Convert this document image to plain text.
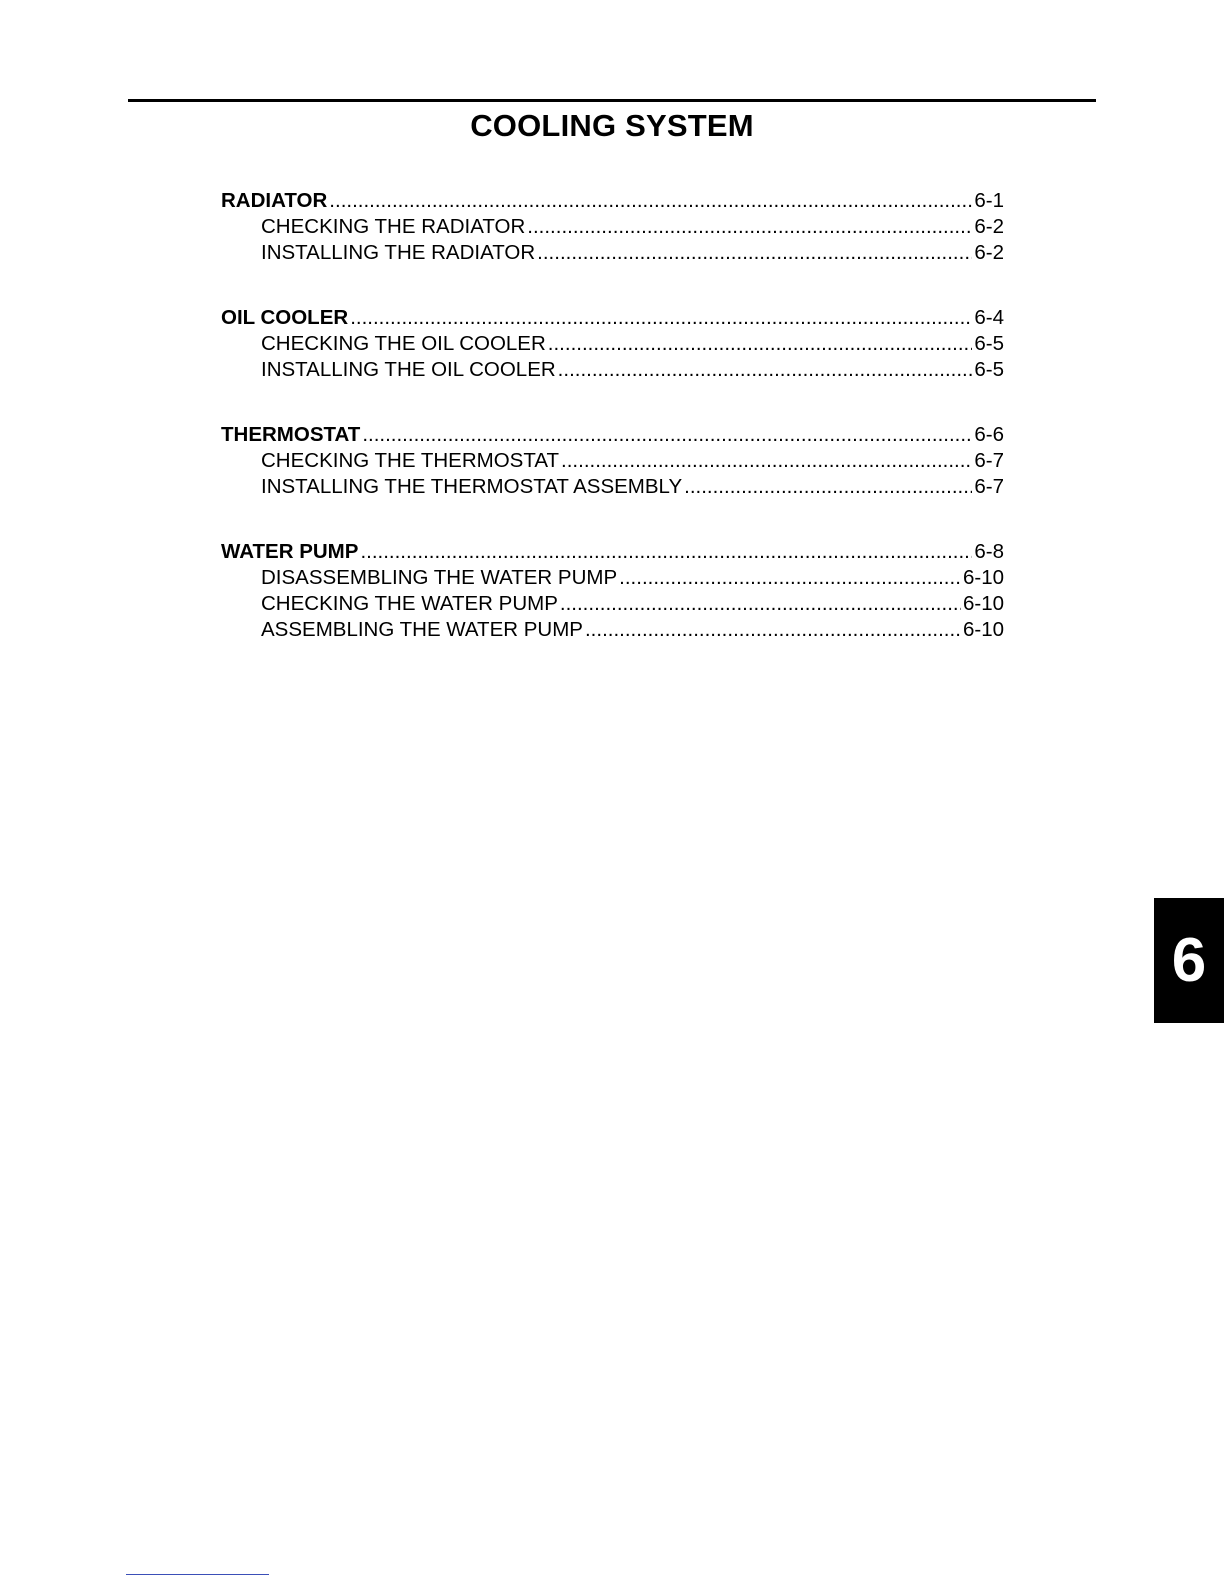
COOLING SYSTEM
RADIATOR .....	6-1
CHECKING THE RADIATOR .....	6-2
INSTALLING THE RADIATOR .....	6-2
OIL COOLER .....	6-4
CHECKING THE OIL COOLER .....	6-5
INSTALLING THE OIL COOLER .....	6-5
THERMOSTAT .....	6-6
CHECKING THE THERMOSTAT .....	6-7
INSTALLING THE THERMOSTAT ASSEMBLY .....	6-7
WATER PUMP .....	6-8
DISASSEMBLING THE WATER PUMP .....	6-10
CHECKING THE WATER PUMP .....	6-10
ASSEMBLING THE WATER PUMP .....	6-10
6
